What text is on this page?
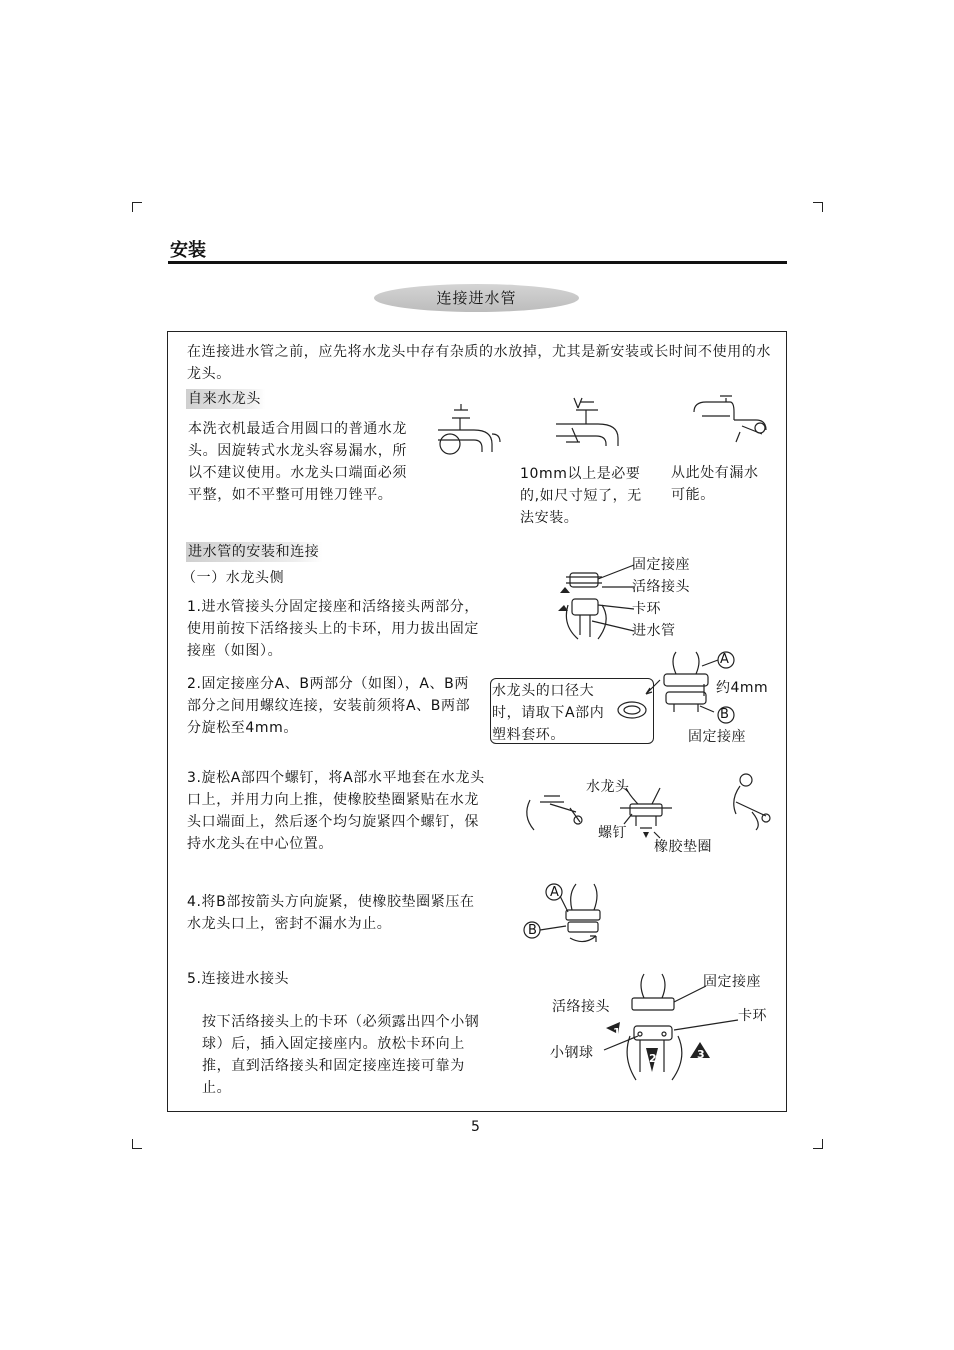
安装
连接进水管
在连接进水管之前，应先将水龙头中存有杂质的水放掉，尤其是新安装或长时间不使用的水龙头。
自来水龙头
本洗衣机最适合用圆口的普通水龙头。因旋转式水龙头容易漏水，所以不建议使用。水龙头口端面必须平整，如不平整可用锉刀锉平。
10mm以上是必要的,如尺寸短了，无法安装。
从此处有漏水可能。
进水管的安装和连接
（一）水龙头侧
1.进水管接头分固定接座和活络接头两部分，使用前按下活络接头上的卡环，用力拔出固定接座（如图）。
固定接座
活络接头
卡环
进水管
2.固定接座分A、B两部分（如图），A、B两部分之间用螺纹连接，安装前须将A、B两部分旋松至4mm。
水龙头的口径大时，请取下A部内塑料套环。
A
B
约4mm
固定接座
3.旋松A部四个螺钉，将A部水平地套在水龙头口上，并用力向上推，使橡胶垫圈紧贴在水龙头口端面上，然后逐个均匀旋紧四个螺钉，保持水龙头在中心位置。
水龙头
螺钉
橡胶垫圈
4.将B部按箭头方向旋紧，使橡胶垫圈紧压在水龙头口上，密封不漏水为止。
A
B
5.连接进水接头
按下活络接头上的卡环（必须露出四个小钢球）后，插入固定接座内。放松卡环向上推，直到活络接头和固定接座连接可靠为止。
固定接座
活络接头
卡环
小钢球
1
2	3
5
